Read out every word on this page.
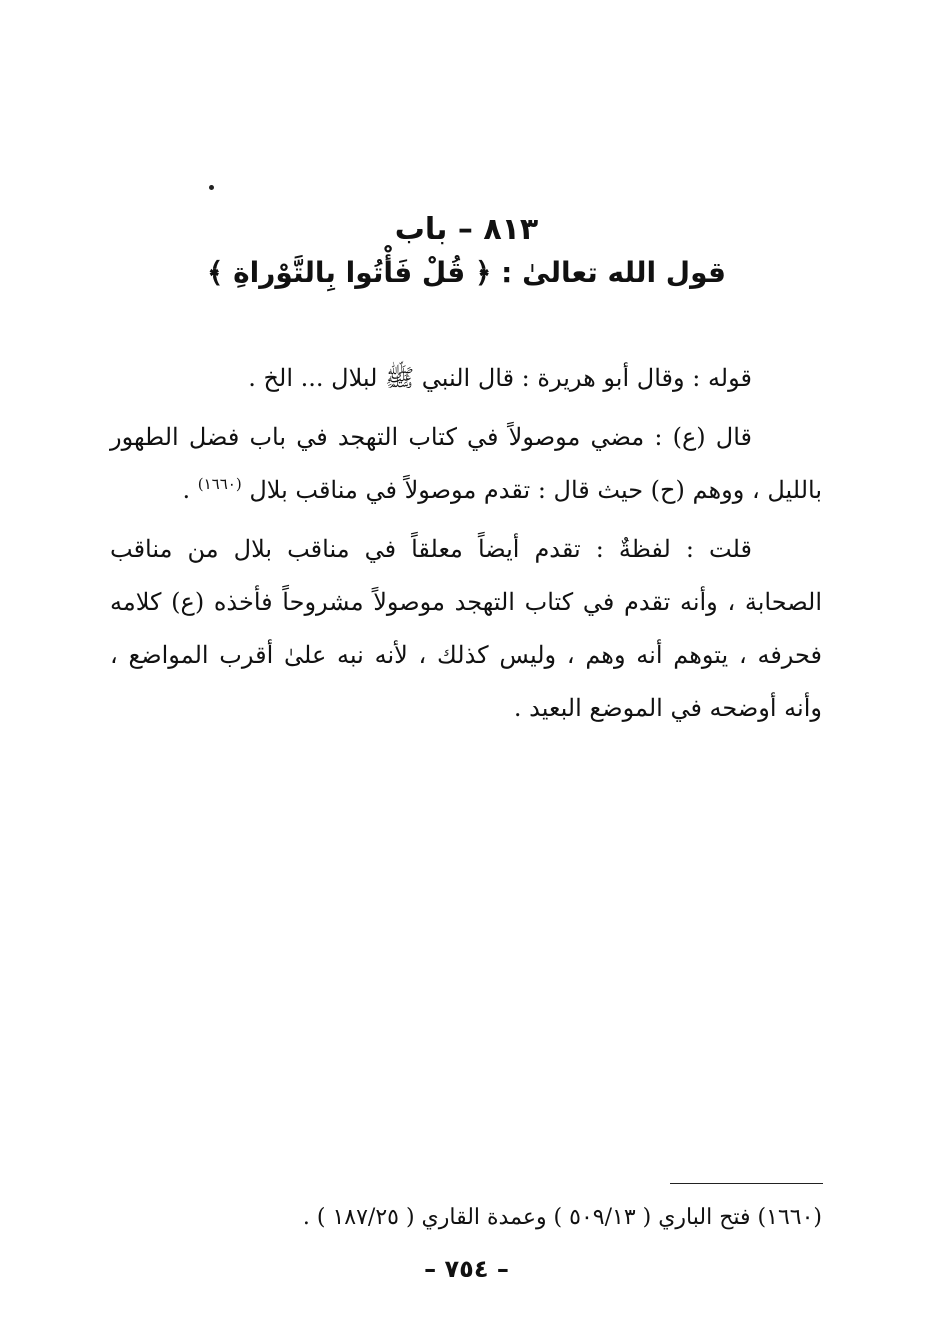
٨١٣ – باب
قول الله تعالىٰ : ﴿ قُلْ فَأْتُوا بِالتَّوْراةِ ﴾

قوله : وقال أبو هريرة : قال النبي ﷺ لبلال ... الخ .

قال (ع) : مضي موصولاً في كتاب التهجد في باب فضل الطهور بالليل ، ووهم (ح) حيث قال : تقدم موصولاً في مناقب بلال $^{(١٦٦٠)}$ .

قلت : لفظةٌ : تقدم أيضاً معلقاً في مناقب بلال من مناقب الصحابة ، وأنه تقدم في كتاب التهجد موصولاً مشروحاً فأخذه (ع) كلامه فحرفه ، يتوهم أنه وهم ، وليس كذلك ، لأنه نبه علىٰ أقرب المواضع ، وأنه أوضحه في الموضع البعيد .

(١٦٦٠) فتح الباري ( ٥٠٩/١٣ ) وعمدة القاري ( ١٨٧/٢٥ ) .
– ٧٥٤ –
